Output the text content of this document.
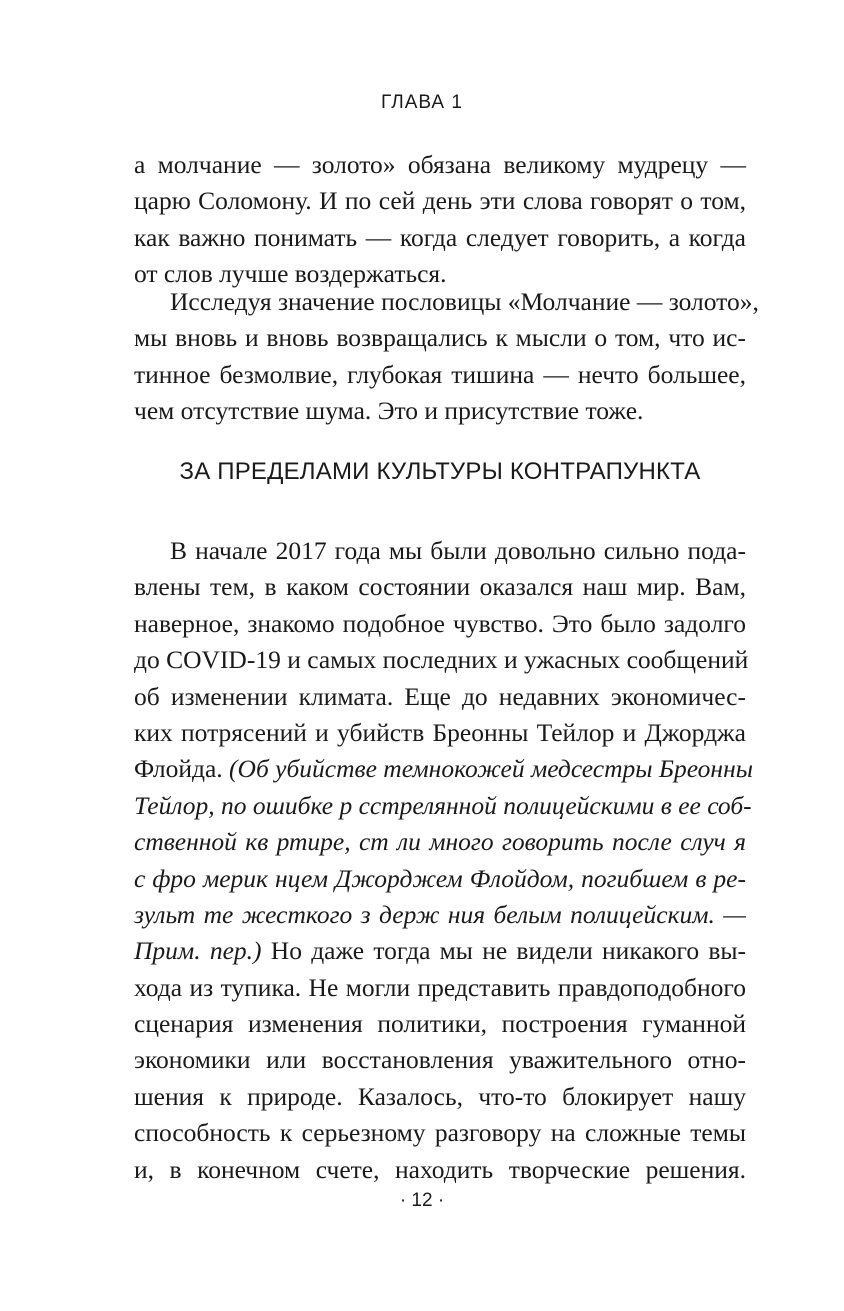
ГЛАВА 1
а молчание — золото» обязана великому мудрецу —
царю Соломону. И по сей день эти слова говорят о том,
как важно понимать — когда следует говорить, а когда
от слов лучше воздержаться.
Исследуя значение пословицы «Молчание — золото»,
мы вновь и вновь возвращались к мысли о том, что ис-
тинное безмолвие, глубокая тишина — нечто большее,
чем отсутствие шума. Это и присутствие тоже.
ЗА ПРЕДЕЛАМИ КУЛЬТУРЫ КОНТРАПУНКТА
В начале 2017 года мы были довольно сильно пода-
влены тем, в каком состоянии оказался наш мир. Вам,
наверное, знакомо подобное чувство. Это было задолго
до COVID-19 и самых последних и ужасных сообщений
об изменении климата. Еще до недавних экономичес-
ких потрясений и убийств Бреонны Тейлор и Джорджа
Флойда. (Об убийстве темнокожей медсестры Бреонны
Тейлор, по ошибке р сстрелянной полицейскими в ее соб-
ственной кв ртире, ст ли много говорить после случ я
с фро мерик нцем Джорджем Флойдом, погибшем в ре-
зульт те жесткого з держ ния белым полицейским. —
Прим. пер.) Но даже тогда мы не видели никакого вы-
хода из тупика. Не могли представить правдоподобного
сценария изменения политики, построения гуманной
экономики или восстановления уважительного отно-
шения к природе. Казалось, что-то блокирует нашу
способность к серьезному разговору на сложные темы
и, в конечном счете, находить творческие решения.
· 12 ·
